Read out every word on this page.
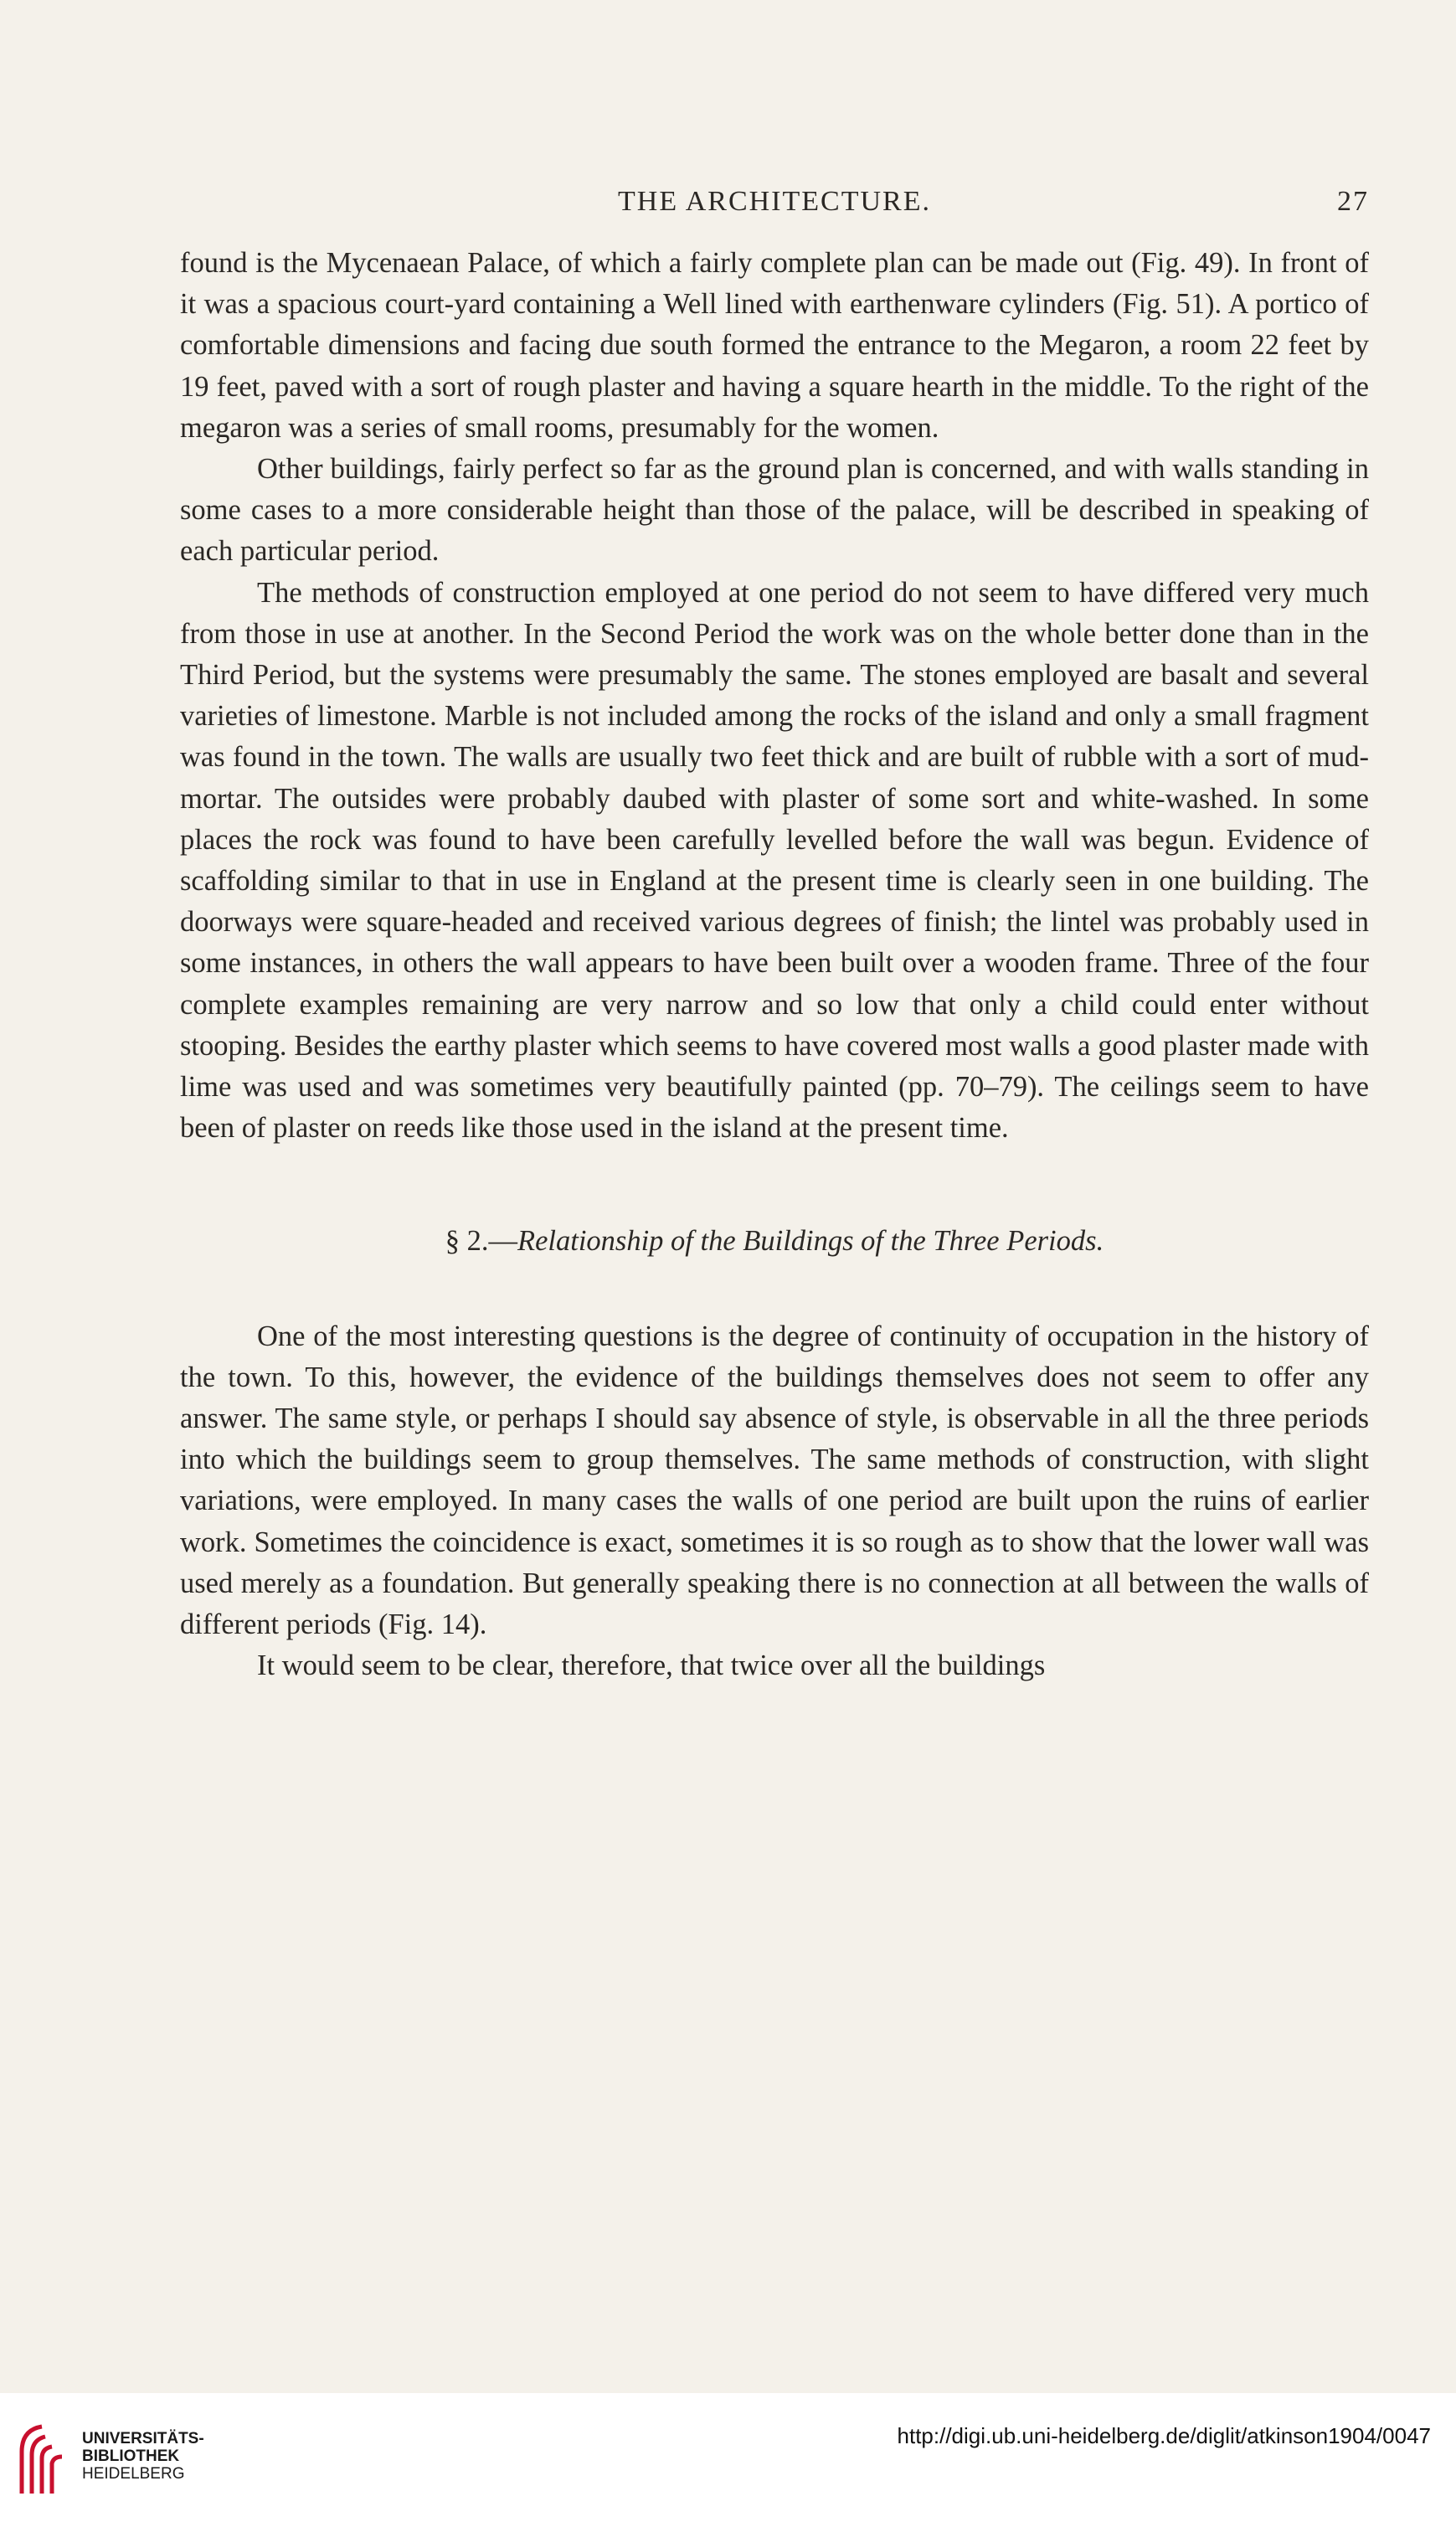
THE ARCHITECTURE.	27

found is the Mycenaean Palace, of which a fairly complete plan can be made out (Fig. 49). In front of it was a spacious court-yard containing a Well lined with earthenware cylinders (Fig. 51). A portico of comfortable dimensions and facing due south formed the entrance to the Megaron, a room 22 feet by 19 feet, paved with a sort of rough plaster and having a square hearth in the middle. To the right of the megaron was a series of small rooms, presumably for the women.

Other buildings, fairly perfect so far as the ground plan is concerned, and with walls standing in some cases to a more considerable height than those of the palace, will be described in speaking of each particular period.

The methods of construction employed at one period do not seem to have differed very much from those in use at another. In the Second Period the work was on the whole better done than in the Third Period, but the systems were presumably the same. The stones employed are basalt and several varieties of limestone. Marble is not included among the rocks of the island and only a small fragment was found in the town. The walls are usually two feet thick and are built of rubble with a sort of mud-mortar. The outsides were probably daubed with plaster of some sort and white-washed. In some places the rock was found to have been carefully levelled before the wall was begun. Evidence of scaffolding similar to that in use in England at the present time is clearly seen in one building. The doorways were square-headed and received various degrees of finish; the lintel was probably used in some instances, in others the wall appears to have been built over a wooden frame. Three of the four complete examples remaining are very narrow and so low that only a child could enter without stooping. Besides the earthy plaster which seems to have covered most walls a good plaster made with lime was used and was sometimes very beautifully painted (pp. 70–79). The ceilings seem to have been of plaster on reeds like those used in the island at the present time.

§ 2.—Relationship of the Buildings of the Three Periods.

One of the most interesting questions is the degree of continuity of occupation in the history of the town. To this, however, the evidence of the buildings themselves does not seem to offer any answer. The same style, or perhaps I should say absence of style, is observable in all the three periods into which the buildings seem to group themselves. The same methods of construction, with slight variations, were employed. In many cases the walls of one period are built upon the ruins of earlier work. Sometimes the coincidence is exact, sometimes it is so rough as to show that the lower wall was used merely as a foundation. But generally speaking there is no connection at all between the walls of different periods (Fig. 14).

It would seem to be clear, therefore, that twice over all the buildings

UNIVERSITÄTS-
BIBLIOTHEK
HEIDELBERG
http://digi.ub.uni-heidelberg.de/diglit/atkinson1904/0047
